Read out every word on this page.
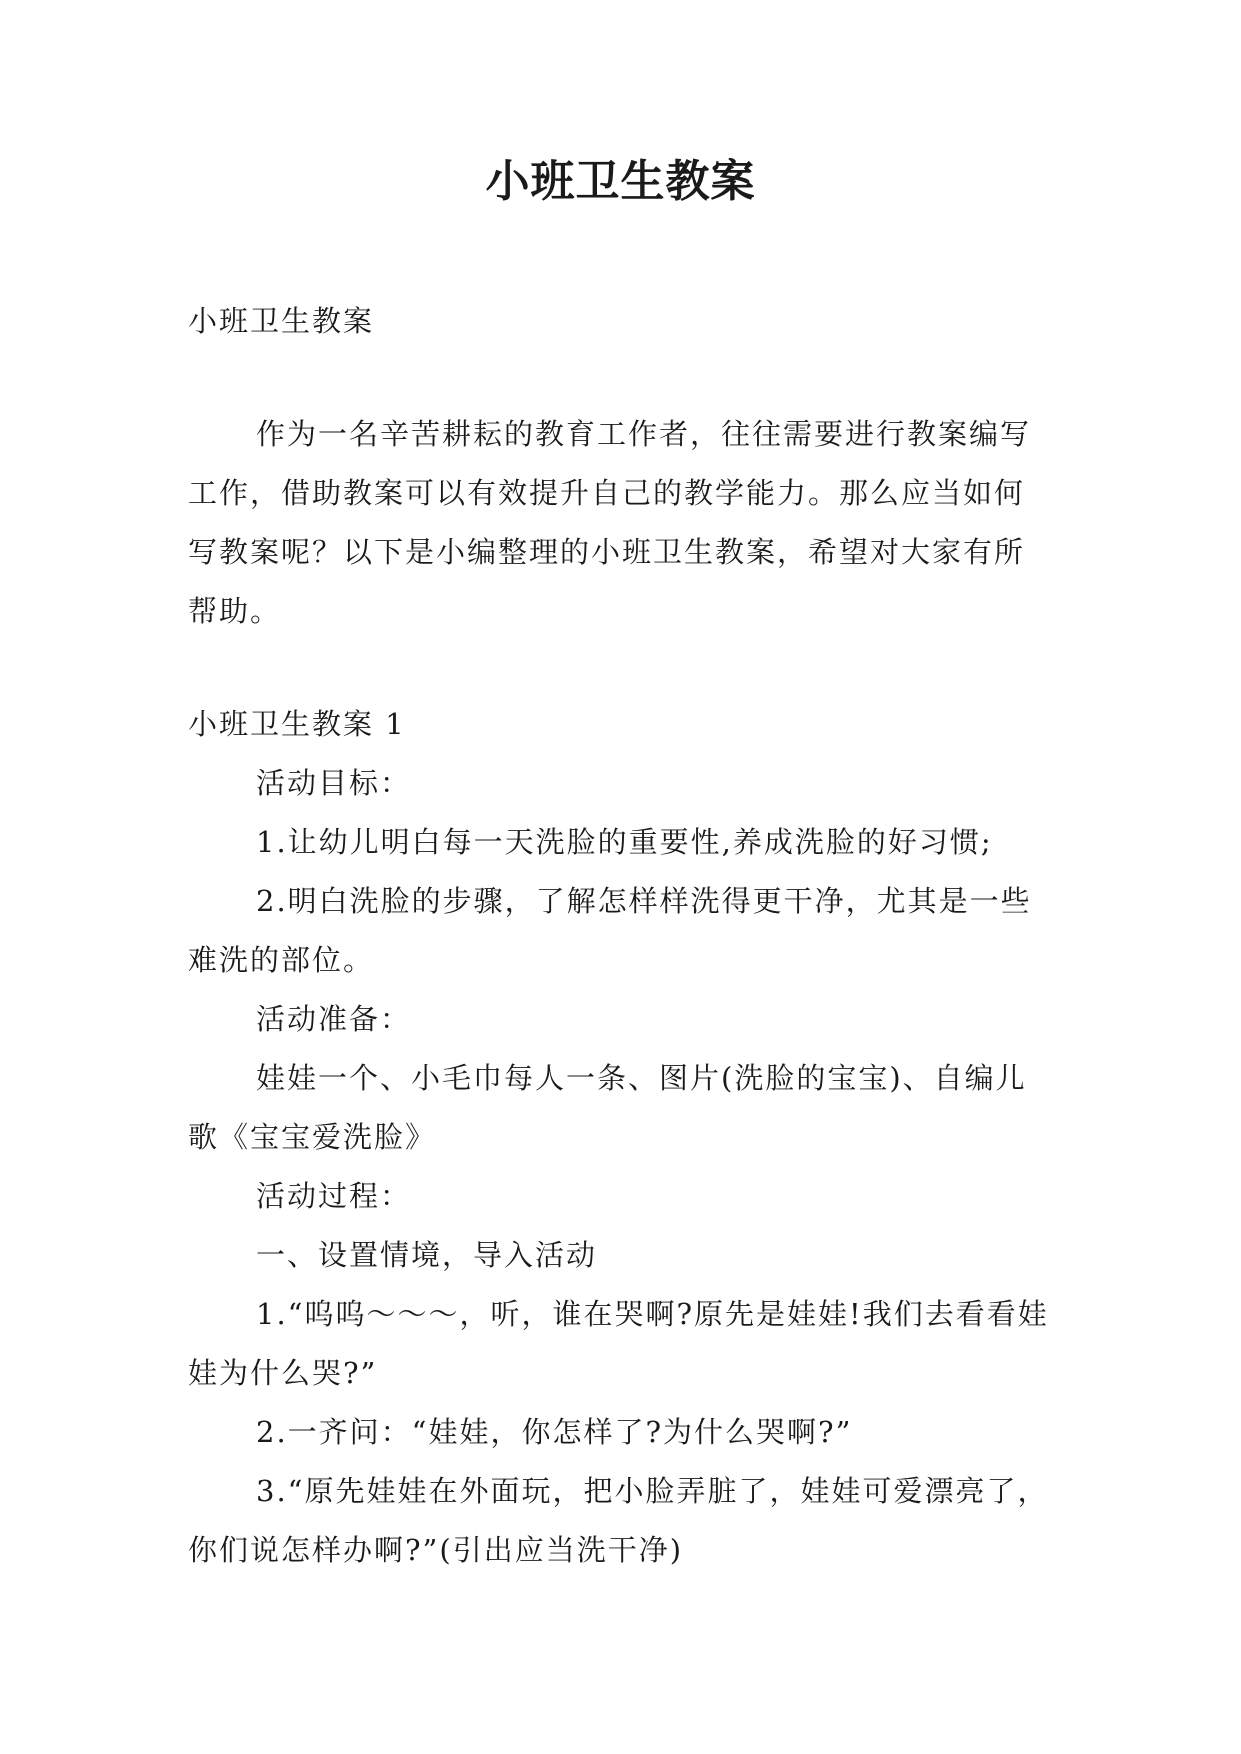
小班卫生教案

小班卫生教案

作为一名辛苦耕耘的教育工作者，往往需要进行教案编写工作，借助教案可以有效提升自己的教学能力。那么应当如何写教案呢？以下是小编整理的小班卫生教案，希望对大家有所帮助。

小班卫生教案 1

活动目标：

1.让幼儿明白每一天洗脸的重要性,养成洗脸的好习惯;

2.明白洗脸的步骤，了解怎样样洗得更干净，尤其是一些难洗的部位。

活动准备：

娃娃一个、小毛巾每人一条、图片(洗脸的宝宝)、自编儿歌《宝宝爱洗脸》

活动过程：

一、设置情境，导入活动

1.“呜呜～～～，听，谁在哭啊?原先是娃娃!我们去看看娃娃为什么哭?”

2.一齐问：“娃娃，你怎样了?为什么哭啊?”

3.“原先娃娃在外面玩，把小脸弄脏了，娃娃可爱漂亮了，你们说怎样办啊?”(引出应当洗干净)
